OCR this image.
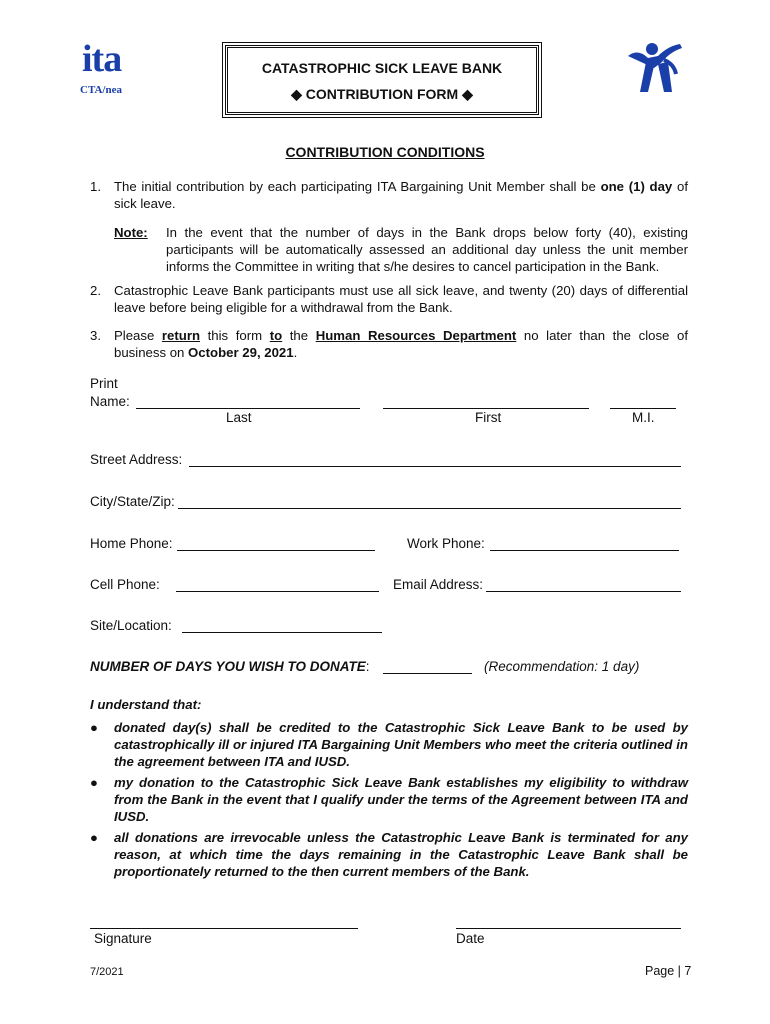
ita
CTA/nea
CATASTROPHIC SICK LEAVE BANK
◆ CONTRIBUTION FORM ◆
CONTRIBUTION CONDITIONS
1. The initial contribution by each participating ITA Bargaining Unit Member shall be one (1) day of sick leave.
Note: In the event that the number of days in the Bank drops below forty (40), existing participants will be automatically assessed an additional day unless the unit member informs the Committee in writing that s/he desires to cancel participation in the Bank.
2. Catastrophic Leave Bank participants must use all sick leave, and twenty (20) days of differential leave before being eligible for a withdrawal from the Bank.
3. Please return this form to the Human Resources Department no later than the close of business on October 29, 2021.
Print
Name:
Last	First	M.I.
Street Address:
City/State/Zip:
Home Phone:	Work Phone:
Cell Phone:	Email Address:
Site/Location:
NUMBER OF DAYS YOU WISH TO DONATE:	(Recommendation: 1 day)
I understand that:
● donated day(s) shall be credited to the Catastrophic Sick Leave Bank to be used by catastrophically ill or injured ITA Bargaining Unit Members who meet the criteria outlined in the agreement between ITA and IUSD.
● my donation to the Catastrophic Sick Leave Bank establishes my eligibility to withdraw from the Bank in the event that I qualify under the terms of the Agreement between ITA and IUSD.
● all donations are irrevocable unless the Catastrophic Leave Bank is terminated for any reason, at which time the days remaining in the Catastrophic Leave Bank shall be proportionately returned to the then current members of the Bank.
Signature	Date
7/2021	Page | 7
